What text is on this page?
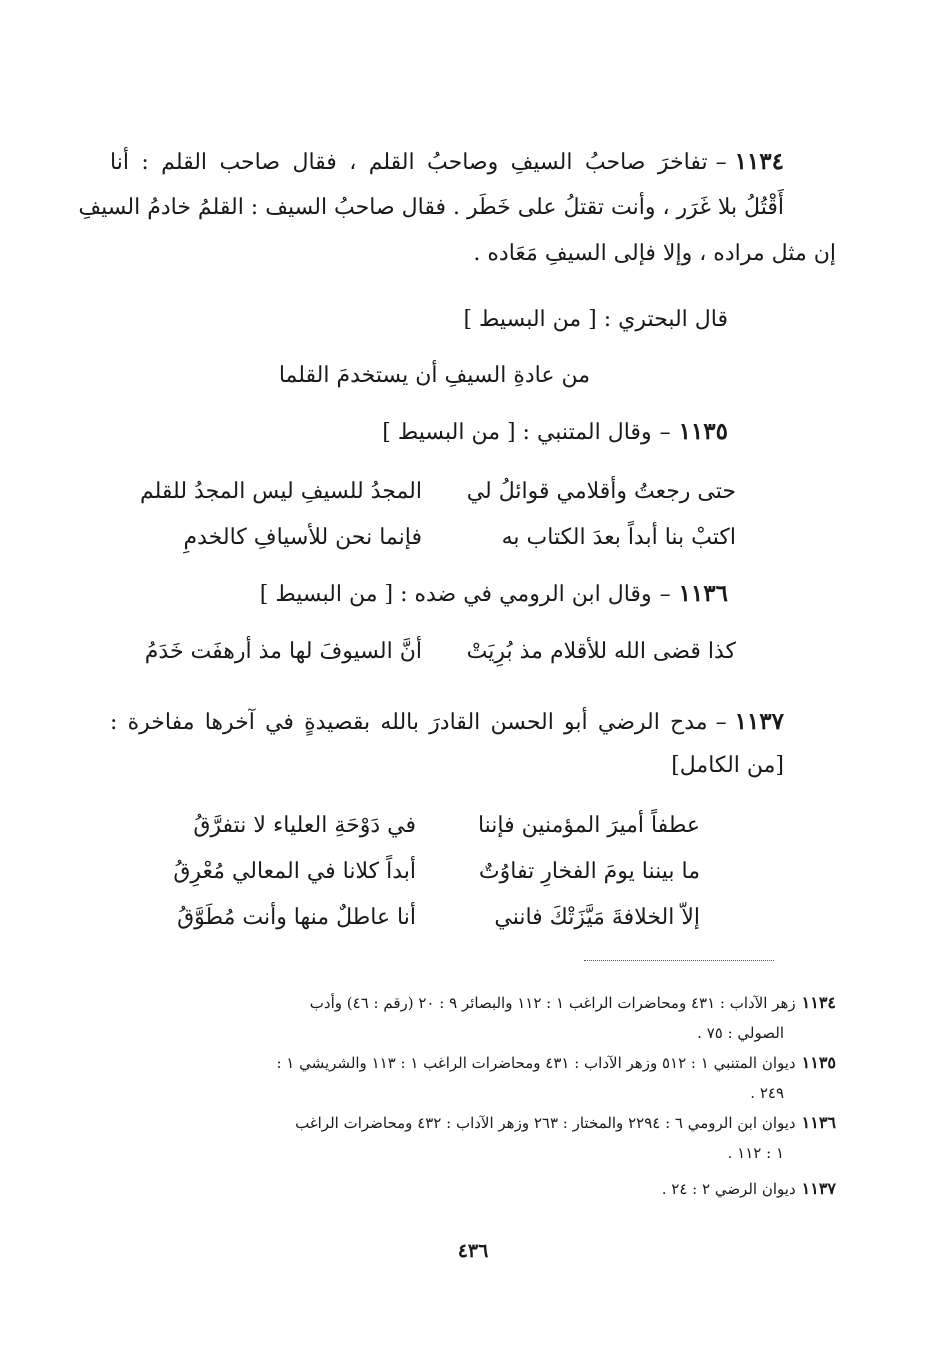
١١٣٤–تفاخرَ صاحبُ السيفِ وصاحبُ القلم ، فقال صاحب القلم : أنا
أَقْتُلُ بلا غَرَر ، وأنت تقتلُ على خَطَر . فقال صاحبُ السيف : القلمُ خادمُ السيفِ
إن مثل مراده ، وإلا فإلى السيفِ مَعَاده .
قال البحتري : [ من البسيط ]
من عادةِ السيفِ أن يستخدمَ القلما
١١٣٥–وقال المتنبي : [ من البسيط ]
حتى رجعتُ وأقلامي قوائلُ لي
المجدُ للسيفِ ليس المجدُ للقلم
اكتبْ بنا أبداً بعدَ الكتاب به
فإنما نحن للأسيافِ كالخدمِ
١١٣٦–وقال ابن الرومي في ضده : [ من البسيط ]
كذا قضى الله للأقلام مذ بُرِيَتْ
أنَّ السيوفَ لها مذ أرهفَت خَدَمُ
١١٣٧–مدح الرضي أبو الحسن القادرَ بالله بقصيدةٍ في آخرها مفاخرة :
[من الكامل]
عطفاً أميرَ المؤمنين فإننا
في دَوْحَةِ العلياء لا نتفرَّقُ
ما بيننا يومَ الفخارِ تفاوُتٌ
أبداً كلانا في المعالي مُعْرِقُ
إلاّ الخلافةَ مَيَّزَتْكَ فانني
أنا عاطلٌ منها وأنت مُطَوَّقُ
١١٣٤زهر الآداب : ٤٣١ ومحاضرات الراغب ١ : ١١٢ والبصائر ٩ : ٢٠ (رقم : ٤٦) وأدب
الصولي : ٧٥ .
١١٣٥ديوان المتنبي ١ : ٥١٢ وزهر الآداب : ٤٣١ ومحاضرات الراغب ١ : ١١٣ والشريشي ١ :
٢٤٩ .
١١٣٦ديوان ابن الرومي ٦ : ٢٢٩٤ والمختار : ٢٦٣ وزهر الآداب : ٤٣٢ ومحاضرات الراغب
١ : ١١٢ .
١١٣٧ديوان الرضي ٢ : ٢٤ .
٤٣٦
